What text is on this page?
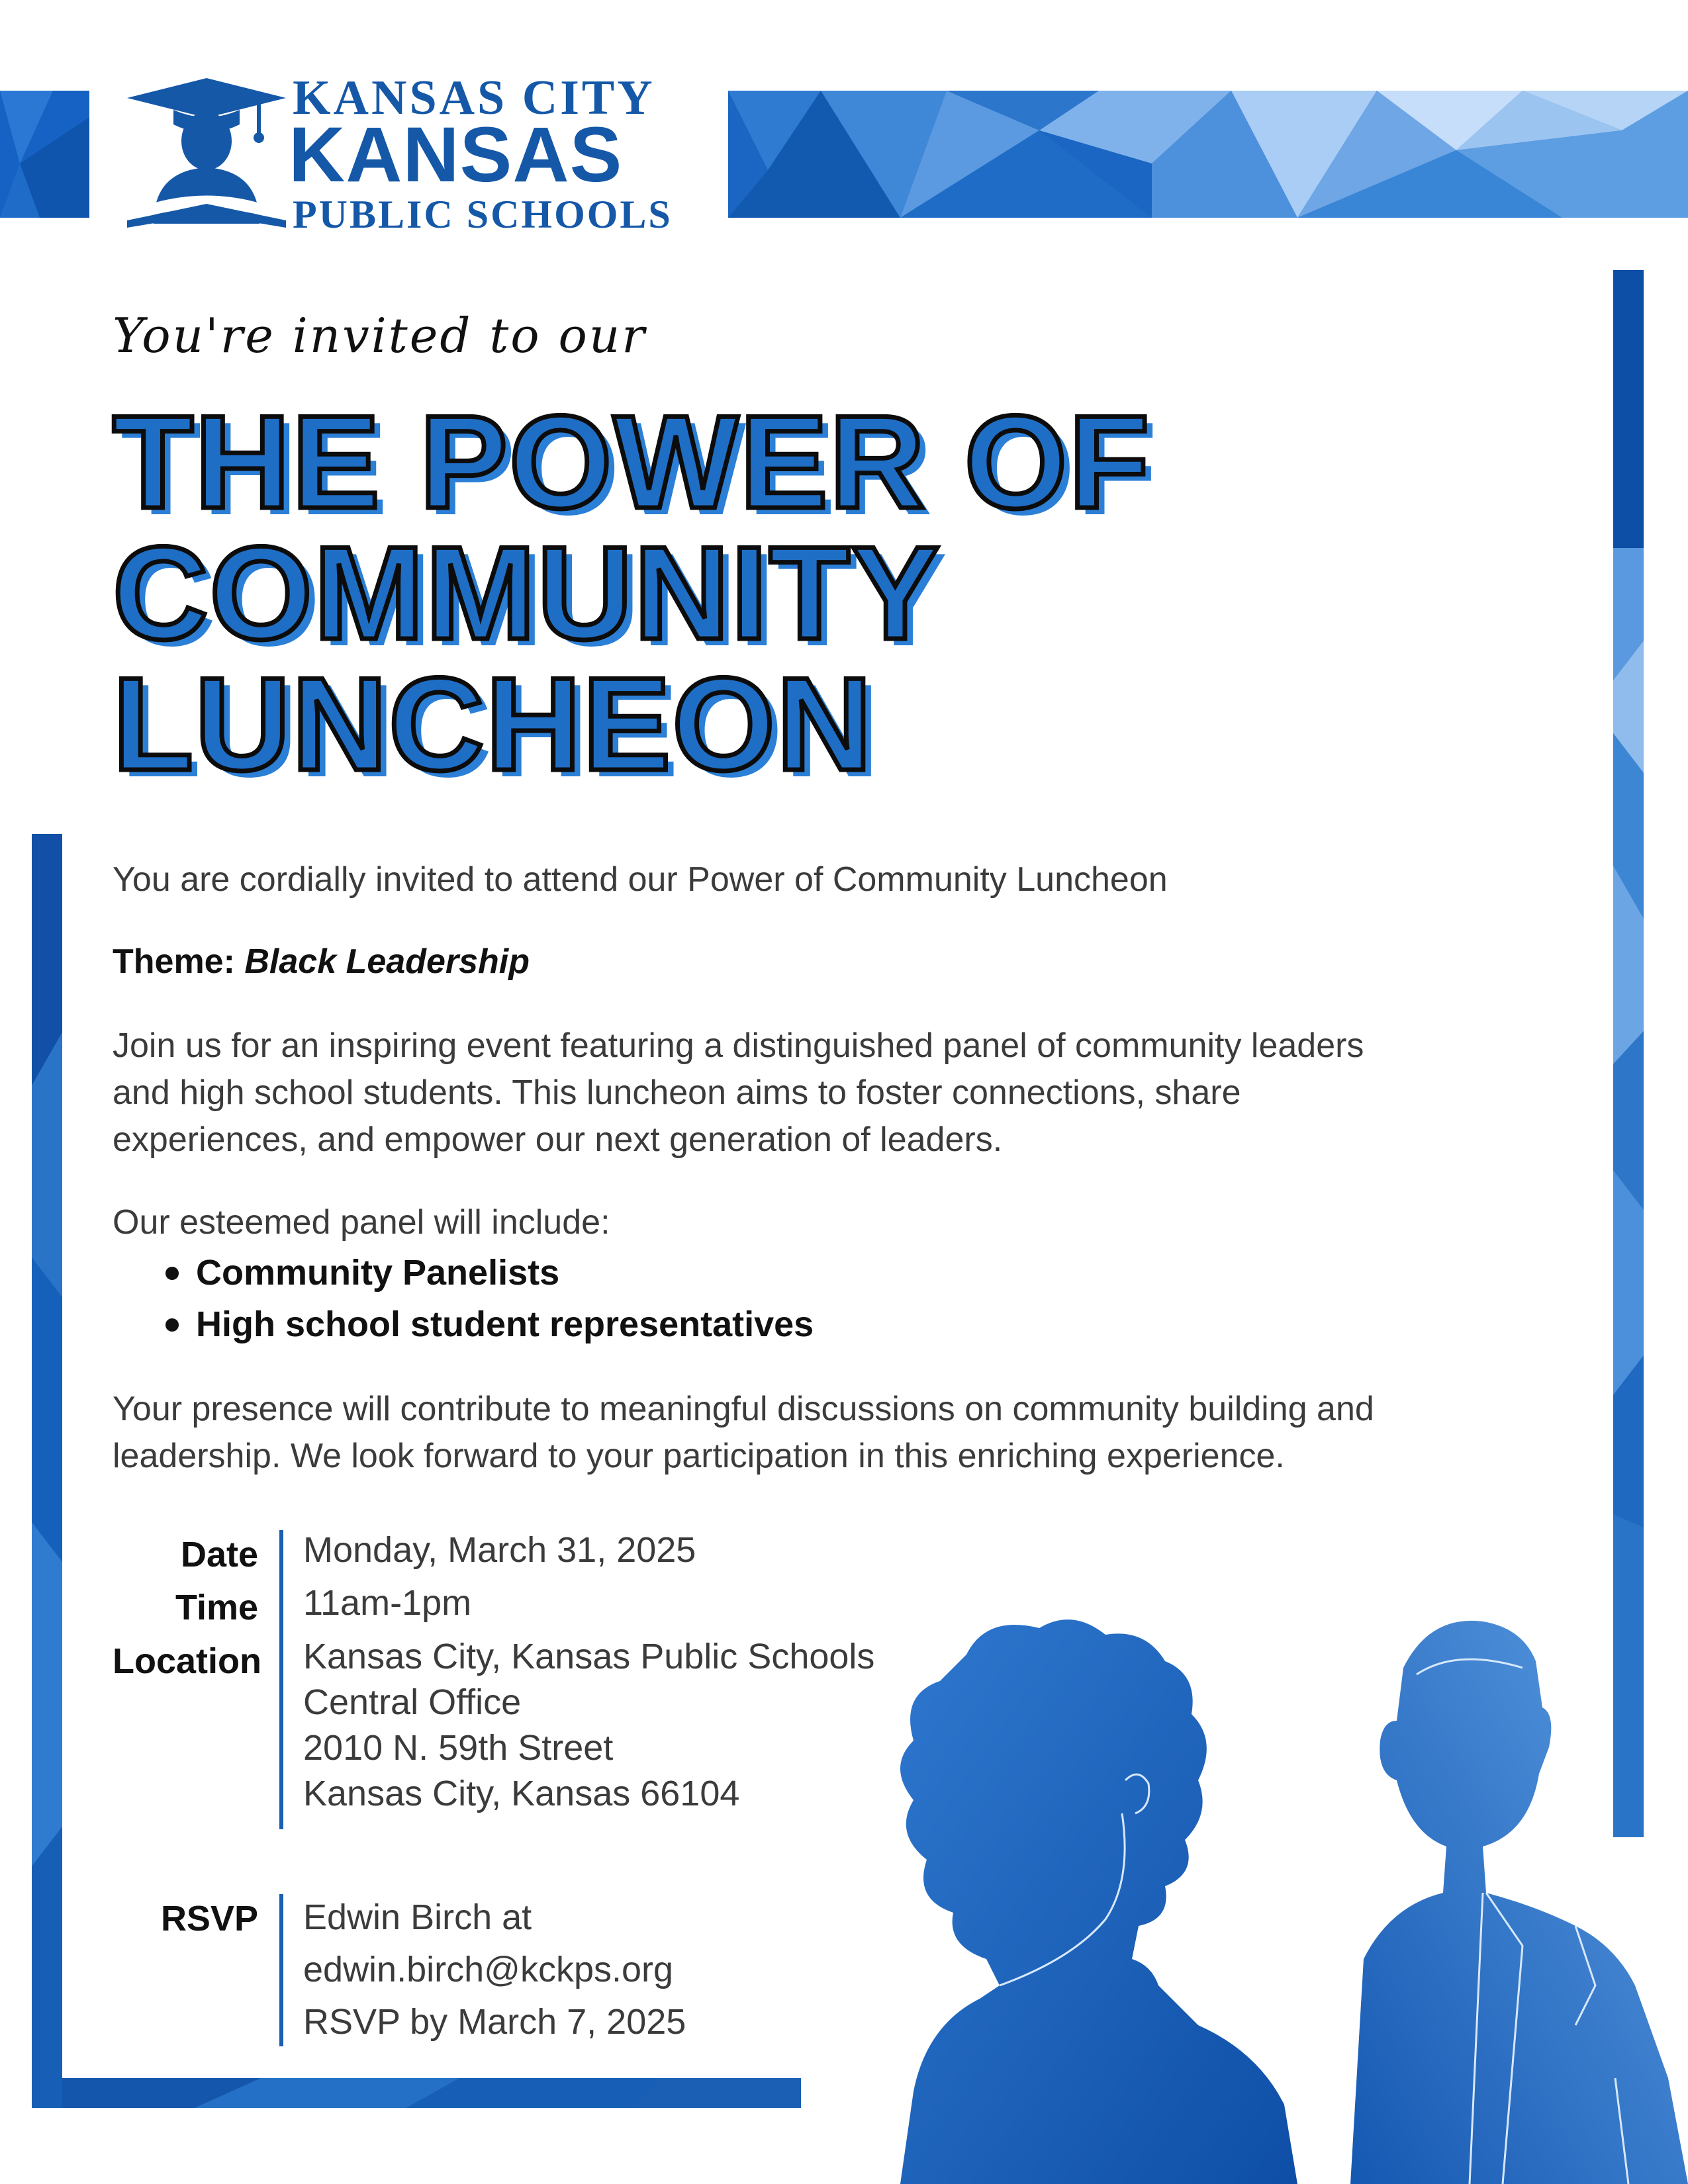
KANSAS CITY
KANSAS
PUBLIC SCHOOLS
You're invited to our
THE POWER OF
COMMUNITY
LUNCHEON
You are cordially invited to attend our Power of Community Luncheon
Theme: Black Leadership
Join us for an inspiring event featuring a distinguished panel of community leaders
and high school students. This luncheon aims to foster connections, share
experiences, and empower our next generation of leaders.
Our esteemed panel will include:
Community Panelists
High school student representatives
Your presence will contribute to meaningful discussions on community building and
leadership. We look forward to your participation in this enriching experience.
Date Monday, March 31, 2025
Time 11am-1pm
Location Kansas City, Kansas Public Schools
Central Office
2010 N. 59th Street
Kansas City, Kansas 66104
RSVP Edwin Birch at
edwin.birch@kckps.org
RSVP by March 7, 2025
